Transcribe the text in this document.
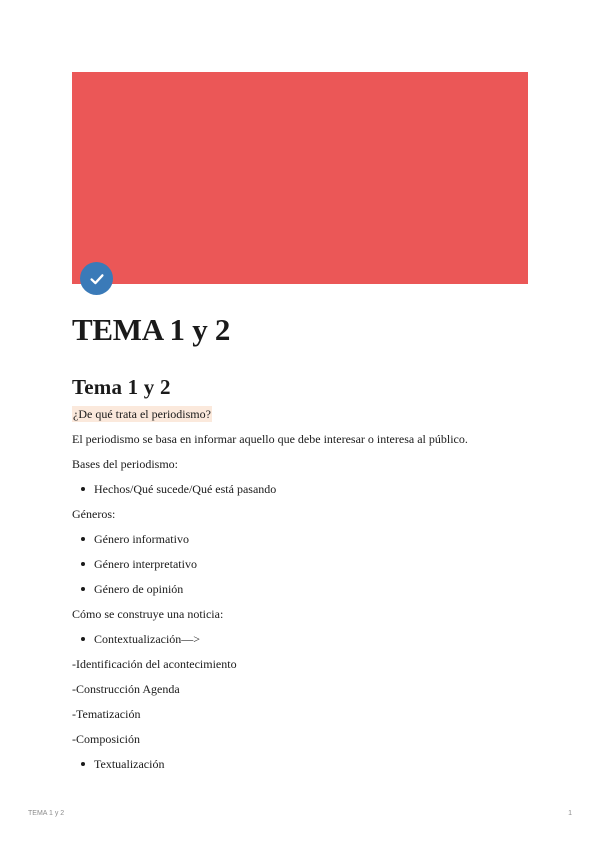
TEMA 1 y 2
Tema 1 y 2

¿De qué trata el periodismo?

El periodismo se basa en informar aquello que debe interesar o interesa al público.

Bases del periodismo:

Hechos/Qué sucede/Qué está pasando

Géneros:

Género informativo
Género interpretativo
Género de opinión

Cómo se construye una noticia:

Contextualización—>

-Identificación del acontecimiento

-Construcción Agenda

-Tematización

-Composición

Textualización
TEMA 1 y 2	1
